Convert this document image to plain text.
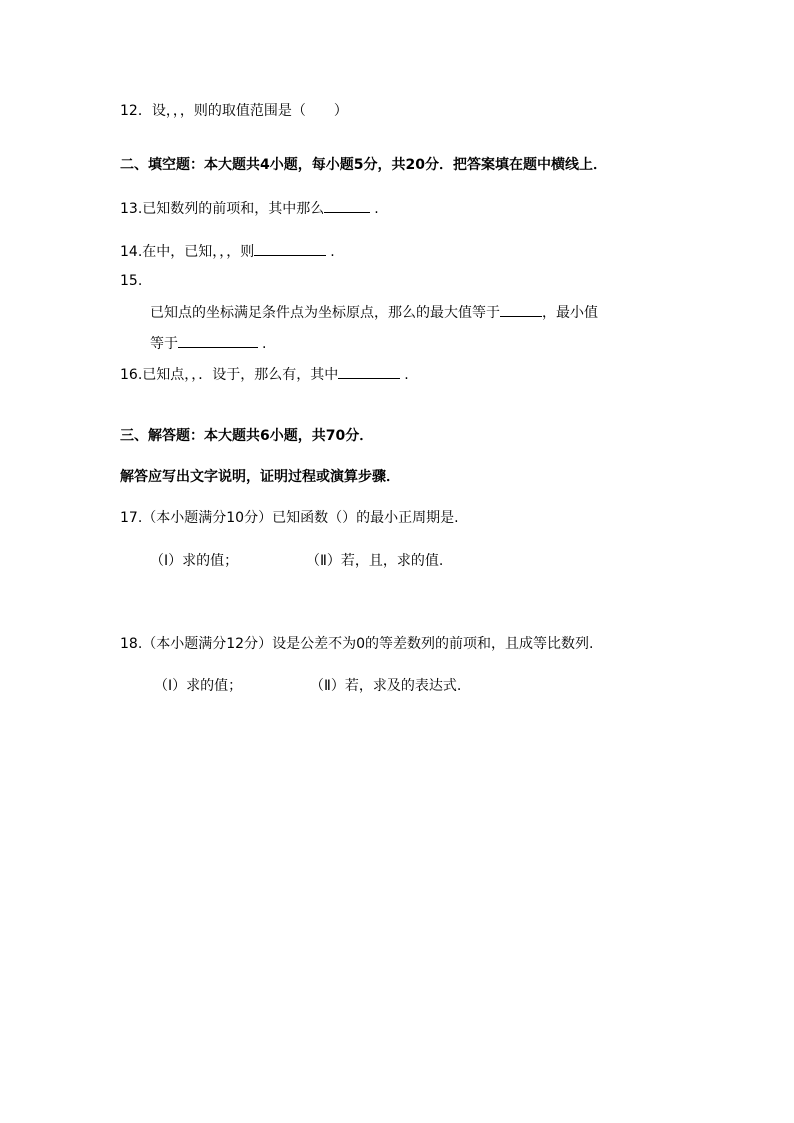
12．设，，，则的取值范围是（　　）
二、填空题：本大题共4小题，每小题5分，共20分．把答案填在题中横线上．
13.已知数列的前项和，其中那么	.
14.在中，已知，，，则	.
15.
已知点的坐标满足条件点为坐标原点，那么的最大值等于	，最小值
等于	.
16.已知点，，．设于，那么有，其中	.
三、解答题：本大题共6小题，共70分．
解答应写出文字说明，证明过程或演算步骤．
17.（本小题满分10分）已知函数（）的最小正周期是.
（Ⅰ）求的值；	（Ⅱ）若，且，求的值.
18.（本小题满分12分）设是公差不为0的等差数列的前项和，且成等比数列.
（Ⅰ）求的值；	（Ⅱ）若，求及的表达式.
